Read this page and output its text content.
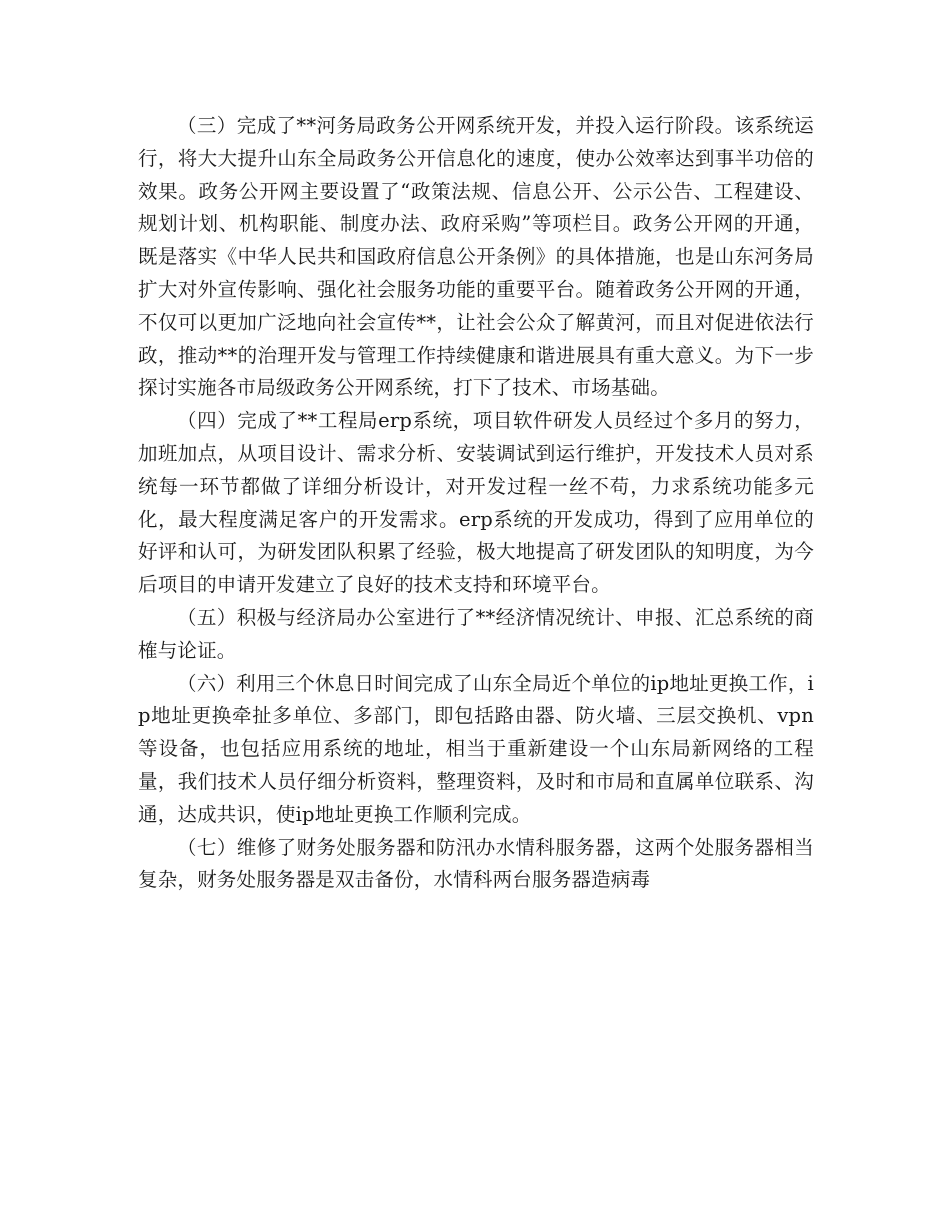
（三）完成了**河务局政务公开网系统开发，并投入运行阶段。该系统运行，将大大提升山东全局政务公开信息化的速度，使办公效率达到事半功倍的效果。政务公开网主要设置了“政策法规、信息公开、公示公告、工程建设、规划计划、机构职能、制度办法、政府采购”等项栏目。政务公开网的开通，既是落实《中华人民共和国政府信息公开条例》的具体措施，也是山东河务局扩大对外宣传影响、强化社会服务功能的重要平台。随着政务公开网的开通，不仅可以更加广泛地向社会宣传**，让社会公众了解黄河，而且对促进依法行政，推动**的治理开发与管理工作持续健康和谐进展具有重大意义。为下一步探讨实施各市局级政务公开网系统，打下了技术、市场基础。

（四）完成了**工程局erp系统，项目软件研发人员经过个多月的努力，加班加点，从项目设计、需求分析、安装调试到运行维护，开发技术人员对系统每一环节都做了详细分析设计，对开发过程一丝不苟，力求系统功能多元化，最大程度满足客户的开发需求。erp系统的开发成功，得到了应用单位的好评和认可，为研发团队积累了经验，极大地提高了研发团队的知明度，为今后项目的申请开发建立了良好的技术支持和环境平台。

（五）积极与经济局办公室进行了**经济情况统计、申报、汇总系统的商榷与论证。

（六）利用三个休息日时间完成了山东全局近个单位的ip地址更换工作，ip地址更换牵扯多单位、多部门，即包括路由器、防火墙、三层交换机、vpn等设备，也包括应用系统的地址，相当于重新建设一个山东局新网络的工程量，我们技术人员仔细分析资料，整理资料，及时和市局和直属单位联系、沟通，达成共识，使ip地址更换工作顺利完成。

（七）维修了财务处服务器和防汛办水情科服务器，这两个处服务器相当复杂，财务处服务器是双击备份，水情科两台服务器造病毒
